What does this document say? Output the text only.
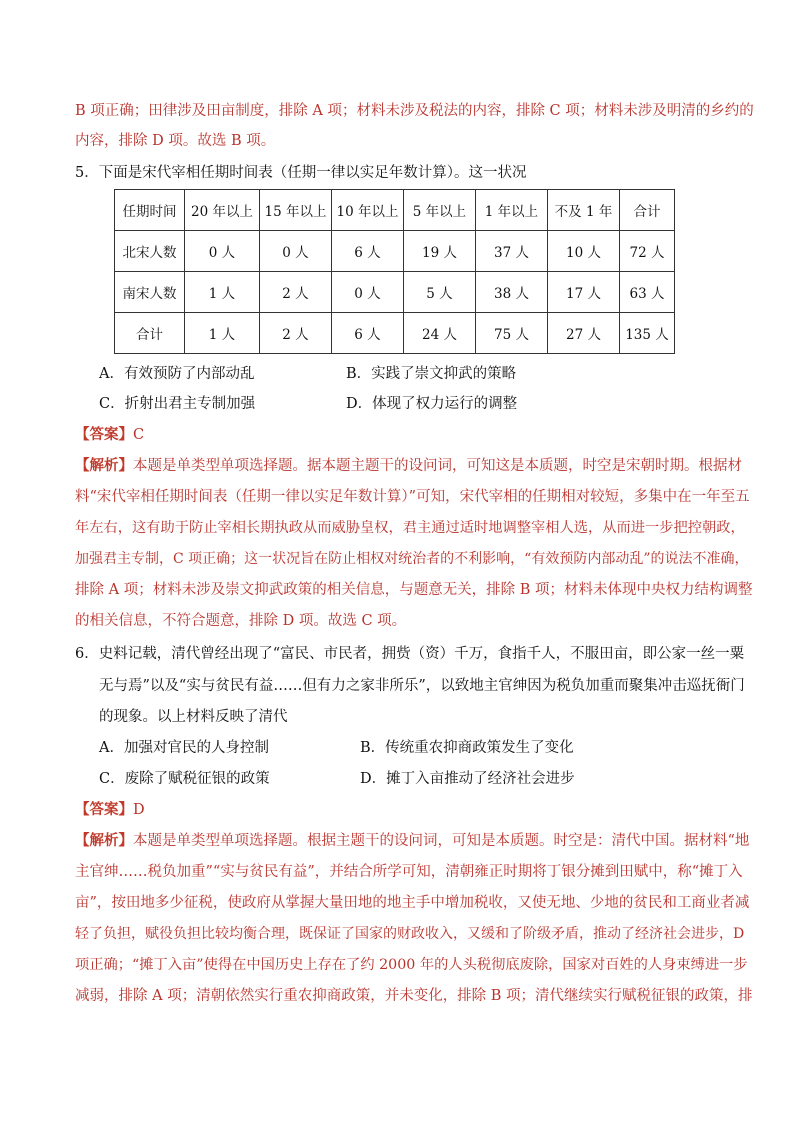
B 项正确；田律涉及田亩制度，排除 A 项；材料未涉及税法的内容，排除 C 项；材料未涉及明清的乡约的
内容，排除 D 项。故选 B 项。
5．下面是宋代宰相任期时间表（任期一律以实足年数计算）。这一状况
任期时间	20 年以上	15 年以上	10 年以上	5 年以上	1 年以上	不及 1 年	合计
北宋人数	0 人	0 人	6 人	19 人	37 人	10 人	72 人
南宋人数	1 人	2 人	0 人	5 人	38 人	17 人	63 人
合计	1 人	2 人	6 人	24 人	75 人	27 人	135 人
A．有效预防了内部动乱	B．实践了崇文抑武的策略
C．折射出君主专制加强	D．体现了权力运行的调整
【答案】C
【解析】本题是单类型单项选择题。据本题主题干的设问词，可知这是本质题，时空是宋朝时期。根据材
料“宋代宰相任期时间表（任期一律以实足年数计算）”可知，宋代宰相的任期相对较短，多集中在一年至五
年左右，这有助于防止宰相长期执政从而威胁皇权，君主通过适时地调整宰相人选，从而进一步把控朝政，
加强君主专制，C 项正确；这一状况旨在防止相权对统治者的不利影响，“有效预防内部动乱”的说法不准确，
排除 A 项；材料未涉及崇文抑武政策的相关信息，与题意无关，排除 B 项；材料未体现中央权力结构调整
的相关信息，不符合题意，排除 D 项。故选 C 项。
6．史料记载，清代曾经出现了“富民、市民者，拥赀（资）千万，食指千人，不服田亩，即公家一丝一粟
无与焉”以及“实与贫民有益……但有力之家非所乐”，以致地主官绅因为税负加重而聚集冲击巡抚衙门
的现象。以上材料反映了清代
A．加强对官民的人身控制	B．传统重农抑商政策发生了变化
C．废除了赋税征银的政策	D．摊丁入亩推动了经济社会进步
【答案】D
【解析】本题是单类型单项选择题。根据主题干的设问词，可知是本质题。时空是：清代中国。据材料“地
主官绅……税负加重”“实与贫民有益”，并结合所学可知，清朝雍正时期将丁银分摊到田赋中，称“摊丁入
亩”，按田地多少征税，使政府从掌握大量田地的地主手中增加税收，又使无地、少地的贫民和工商业者减
轻了负担，赋役负担比较均衡合理，既保证了国家的财政收入，又缓和了阶级矛盾，推动了经济社会进步，D
项正确；“摊丁入亩”使得在中国历史上存在了约 2000 年的人头税彻底废除，国家对百姓的人身束缚进一步
减弱，排除 A 项；清朝依然实行重农抑商政策，并未变化，排除 B 项；清代继续实行赋税征银的政策，排
